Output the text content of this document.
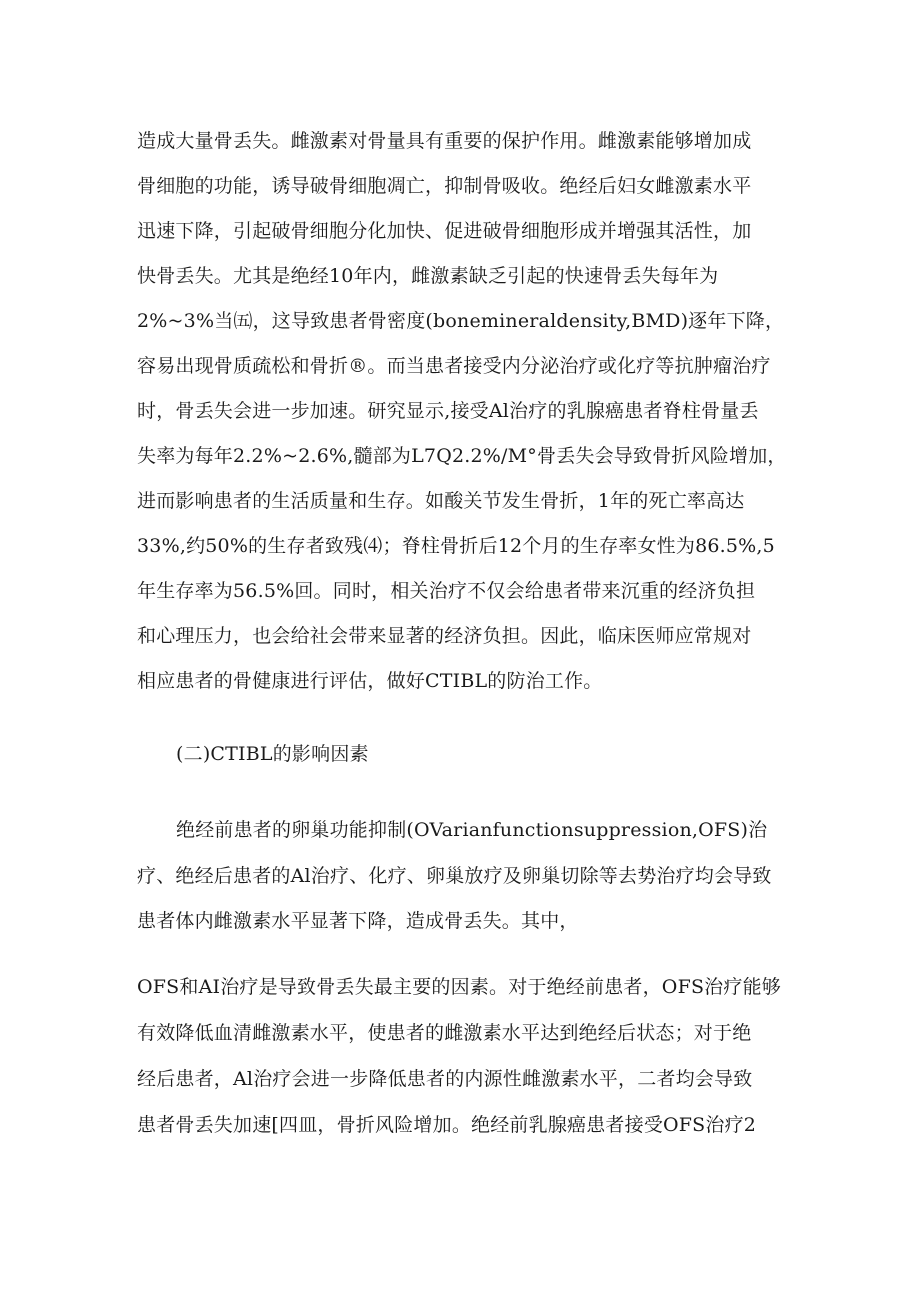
造成大量骨丢失。雌激素对骨量具有重要的保护作用。雌激素能够增加成
骨细胞的功能，诱导破骨细胞凋亡，抑制骨吸收。绝经后妇女雌激素水平
迅速下降，引起破骨细胞分化加快、促进破骨细胞形成并增强其活性，加
快骨丢失。尤其是绝经10年内，雌激素缺乏引起的快速骨丢失每年为
2%~3%当㈤，这导致患者骨密度(bonemineraldensity,BMD)逐年下降，
容易出现骨质疏松和骨折®。而当患者接受内分泌治疗或化疗等抗肿瘤治疗
时，骨丢失会进一步加速。研究显示,接受Al治疗的乳腺癌患者脊柱骨量丢
失率为每年2.2%~2.6%,髓部为L7Q2.2%/M°骨丢失会导致骨折风险增加，
进而影响患者的生活质量和生存。如酸关节发生骨折，1年的死亡率高达
33%,约50%的生存者致残⑷；脊柱骨折后12个月的生存率女性为86.5%,5
年生存率为56.5%回。同时，相关治疗不仅会给患者带来沉重的经济负担
和心理压力，也会给社会带来显著的经济负担。因此，临床医师应常规对
相应患者的骨健康进行评估，做好CTIBL的防治工作。
(二)CTIBL的影响因素
绝经前患者的卵巢功能抑制(OVarianfunctionsuppression,OFS)治
疗、绝经后患者的Al治疗、化疗、卵巢放疗及卵巢切除等去势治疗均会导致
患者体内雌激素水平显著下降，造成骨丢失。其中，
OFS和AI治疗是导致骨丢失最主要的因素。对于绝经前患者，OFS治疗能够
有效降低血清雌激素水平，使患者的雌激素水平达到绝经后状态；对于绝
经后患者，Al治疗会进一步降低患者的内源性雌激素水平，二者均会导致
患者骨丢失加速[四皿，骨折风险增加。绝经前乳腺癌患者接受OFS治疗2
